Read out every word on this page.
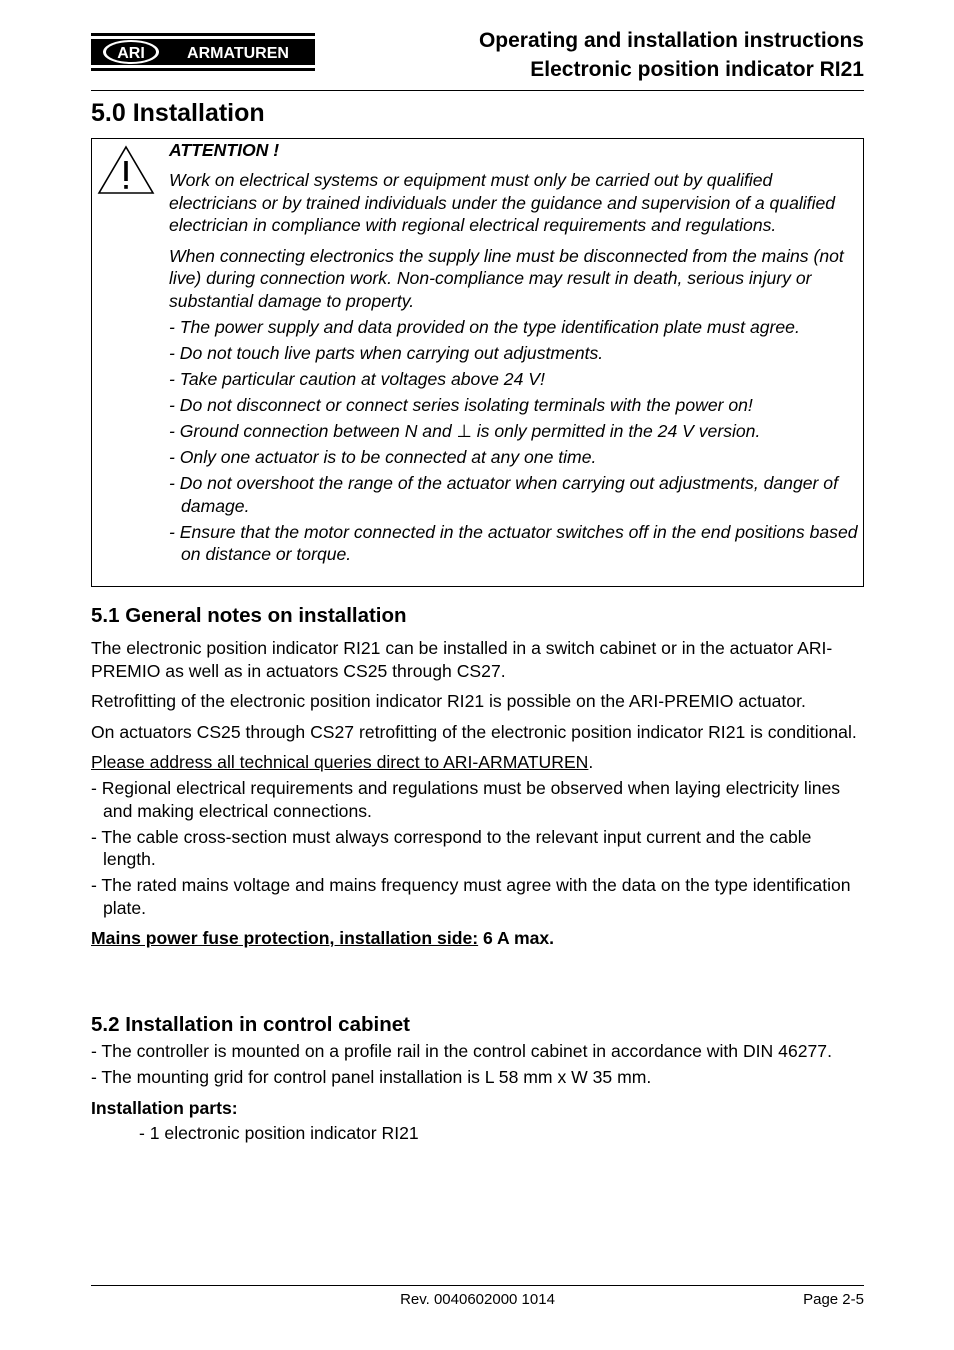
ARI	ARMATUREN
Operating and installation instructions
Electronic position indicator RI21
5.0 Installation

ATTENTION !

Work on electrical systems or equipment must only be carried out by qualified electricians or by trained individuals under the guidance and supervision of a qualified electrician in compliance with regional electrical requirements and regulations.

When connecting electronics the supply line must be disconnected from the mains (not live) during connection work. Non-compliance may result in death, serious injury or substantial damage to property.

- The power supply and data provided on the type identification plate must agree.

- Do not touch live parts when carrying out adjustments.

- Take particular caution at voltages above 24 V!

- Do not disconnect or connect series isolating terminals with the power on!

- Ground connection between N and ⊥ is only permitted in the 24 V version.

- Only one actuator is to be connected at any one time.

- Do not overshoot the range of the actuator when carrying out adjustments, danger of damage.

- Ensure that the motor connected in the actuator switches off in the end positions based on distance or torque.

5.1 General notes on installation

The electronic position indicator RI21 can be installed in a switch cabinet or in the actuator ARI-PREMIO as well as in actuators CS25 through CS27.

Retrofitting of the electronic position indicator RI21 is possible on the ARI-PREMIO actuator.

On actuators CS25 through CS27 retrofitting of the electronic position indicator RI21 is conditional.

Please address all technical queries direct to ARI-ARMATUREN.

- Regional electrical requirements and regulations must be observed when laying electricity lines and making electrical connections.

- The cable cross-section must always correspond to the relevant input current and the cable length.

- The rated mains voltage and mains frequency must agree with the data on the type identification plate.

Mains power fuse protection, installation side: 6 A max.

5.2 Installation in control cabinet

- The controller is mounted on a profile rail in the control cabinet in accordance with DIN 46277.

- The mounting grid for control panel installation is L 58 mm x W 35 mm.

Installation parts:

- 1 electronic position indicator RI21

Rev. 0040602000 1014	Page 2-5
